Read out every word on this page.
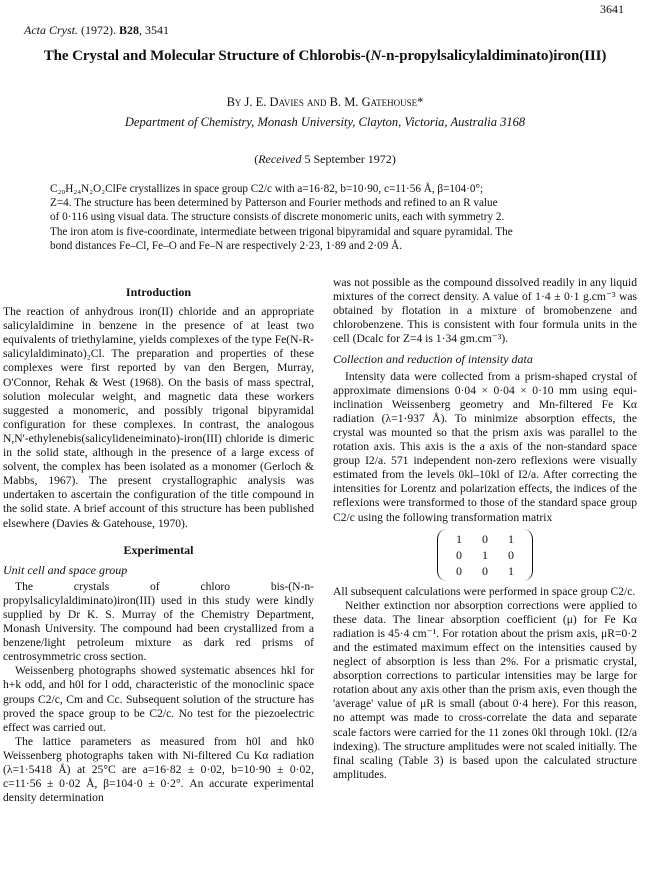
3641
Acta Cryst. (1972). B28, 3541
The Crystal and Molecular Structure of Chlorobis-(N-n-propylsalicylaldiminato)iron(III)
By J. E. Davies and B. M. Gatehouse*
Department of Chemistry, Monash University, Clayton, Victoria, Australia 3168
(Received 5 September 1972)
C₂₀H₂₄N₂O₂ClFe crystallizes in space group C2/c with a=16·82, b=10·90, c=11·56 Å, β=104·0°;
Z=4. The structure has been determined by Patterson and Fourier methods and refined to an R value
of 0·116 using visual data. The structure consists of discrete monomeric units, each with symmetry 2.
The iron atom is five-coordinate, intermediate between trigonal bipyramidal and square pyramidal. The
bond distances Fe–Cl, Fe–O and Fe–N are respectively 2·23, 1·89 and 2·09 Å.
Introduction

The reaction of anhydrous iron(II) chloride and an appropriate salicylaldimine in benzene in the presence of at least two equivalents of triethylamine, yields complexes of the type Fe(N-R-salicylaldiminato)₂Cl. The preparation and properties of these complexes were first reported by van den Bergen, Murray, O'Connor, Rehak & West (1968). On the basis of mass spectral, solution molecular weight, and magnetic data these workers suggested a monomeric, and possibly trigonal bipyramidal configuration for these complexes. In contrast, the analogous N,N'-ethylenebis(salicylideneiminato)-iron(III) chloride is dimeric in the solid state, although in the presence of a large excess of solvent, the complex has been isolated as a monomer (Gerloch & Mabbs, 1967). The present crystallographic analysis was undertaken to ascertain the configuration of the title compound in the solid state. A brief account of this structure has been published elsewhere (Davies & Gatehouse, 1970).

Experimental
Unit cell and space group

The crystals of chloro bis-(N-n-propylsalicylaldiminato)iron(III) used in this study were kindly supplied by Dr K. S. Murray of the Chemistry Department, Monash University. The compound had been crystallized from a benzene/light petroleum mixture as dark red prisms of centrosymmetric cross section.

Weissenberg photographs showed systematic absences hkl for h+k odd, and h0l for l odd, characteristic of the monoclinic space groups C2/c, Cm and Cc. Subsequent solution of the structure has proved the space group to be C2/c. No test for the piezoelectric effect was carried out.

The lattice parameters as measured from h0l and hk0 Weissenberg photographs taken with Ni-filtered Cu Kα radiation (λ=1·5418 Å) at 25°C are a=16·82 ± 0·02, b=10·90 ± 0·02, c=11·56 ± 0·02 Å, β=104·0 ± 0·2°. An accurate experimental density determination

was not possible as the compound dissolved readily in any liquid mixtures of the correct density. A value of 1·4 ± 0·1 g.cm⁻³ was obtained by flotation in a mixture of bromobenzene and chlorobenzene. This is consistent with four formula units in the cell (Dcalc for Z=4 is 1·34 gm.cm⁻³).

Collection and reduction of intensity data

Intensity data were collected from a prism-shaped crystal of approximate dimensions 0·04 × 0·04 × 0·10 mm using equi-inclination Weissenberg geometry and Mn-filtered Fe Kα radiation (λ=1·937 Å). To minimize absorption effects, the crystal was mounted so that the prism axis was parallel to the rotation axis. This axis is the a axis of the non-standard space group I2/a. 571 independent non-zero reflexions were visually estimated from the levels 0kl–10kl of I2/a. After correcting the intensities for Lorentz and polarization effects, the indices of the reflexions were transformed to those of the standard space group C2/c using the following transformation matrix

1	0	1
0	1	0
0	0	1

All subsequent calculations were performed in space group C2/c.

Neither extinction nor absorption corrections were applied to these data. The linear absorption coefficient (μ) for Fe Kα radiation is 45·4 cm⁻¹. For rotation about the prism axis, μR=0·2 and the estimated maximum effect on the intensities caused by neglect of absorption is less than 2%. For a prismatic crystal, absorption corrections to particular intensities may be large for rotation about any axis other than the prism axis, even though the 'average' value of μR is small (about 0·4 here). For this reason, no attempt was made to cross-correlate the data and separate scale factors were carried for the 11 zones 0kl through 10kl. (I2/a indexing). The structure amplitudes were not scaled initially. The final scaling (Table 3) is based upon the calculated structure amplitudes.
